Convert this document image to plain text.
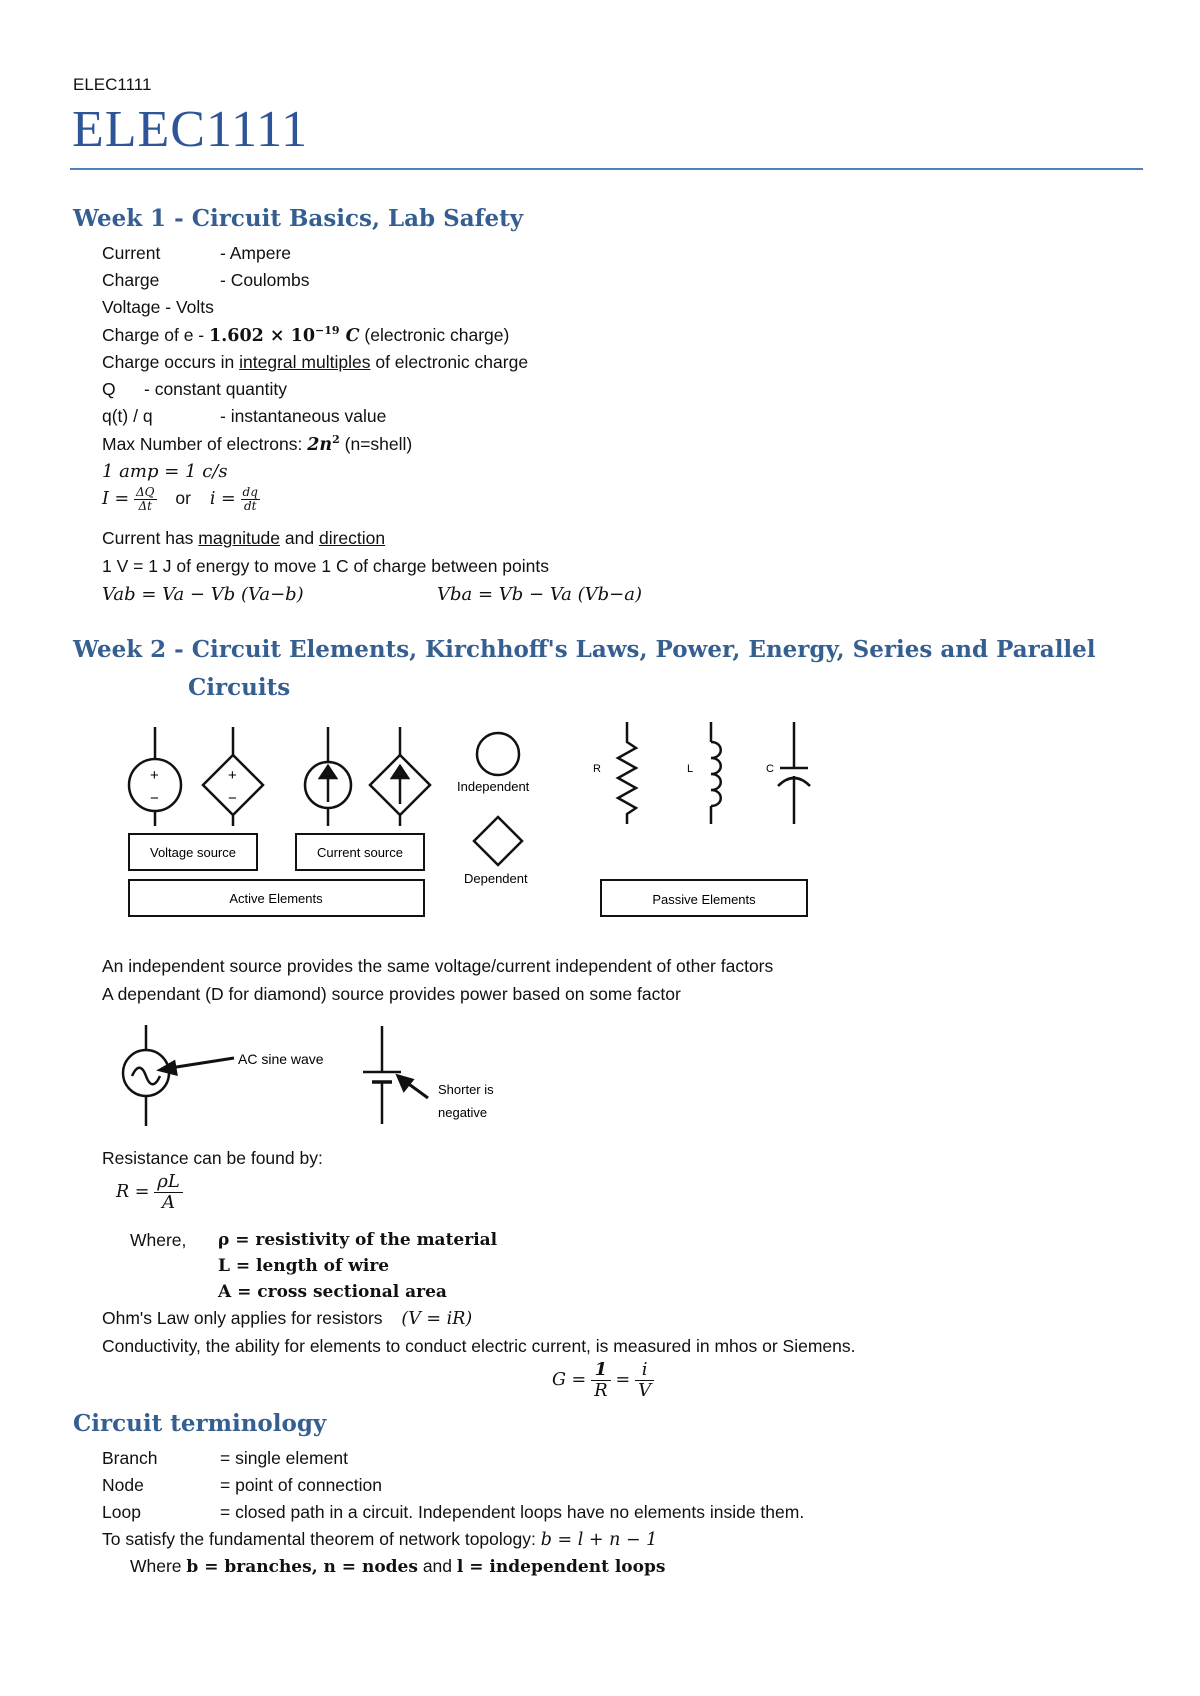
ELEC1111
ELEC1111
Week 1 - Circuit Basics, Lab Safety
Current	- Ampere
Charge	- Coulombs
Voltage - Volts
Charge of $e - 1.602 \times 10^{-19}$ C (electronic charge)
Charge occurs in integral multiples of electronic charge
Q - constant quantity
q(t) / q	- instantaneous value
Max Number of electrons: $2n^2$ (n=shell)
1 amp = 1 c/s
$I = \frac{\Delta Q}{\Delta t}$ or $i = \frac{dq}{dt}$
Current has magnitude and direction
1 V = 1 J of energy to move 1 C of charge between points
Vab = Va − Vb (Va−b)	Vba = Vb − Va (Vb−a)
Week 2 - Circuit Elements, Kirchhoff's Laws, Power, Energy, Series and Parallel
Circuits
+
−
+
−
Independent
Dependent
R	L	C
Voltage source	Current source
Active Elements	Passive Elements
An independent source provides the same voltage/current independent of other factors
A dependant (D for diamond) source provides power based on some factor
AC sine wave
Shorter is
negative
Resistance can be found by:
$R = \frac{\rho L}{A}$
Where, ρ = resistivity of the material
L = length of wire
A = cross sectional area
Ohm's Law only applies for resistors (V = iR)
Conductivity, the ability for elements to conduct electric current, is measured in mhos or Siemens.
$G = \frac{1}{R} = \frac{i}{V}$
Circuit terminology
Branch	= single element
Node	= point of connection
Loop	= closed path in a circuit. Independent loops have no elements inside them.
To satisfy the fundamental theorem of network topology: b = l + n − 1
Where b = branches, n = nodes and l = independent loops
